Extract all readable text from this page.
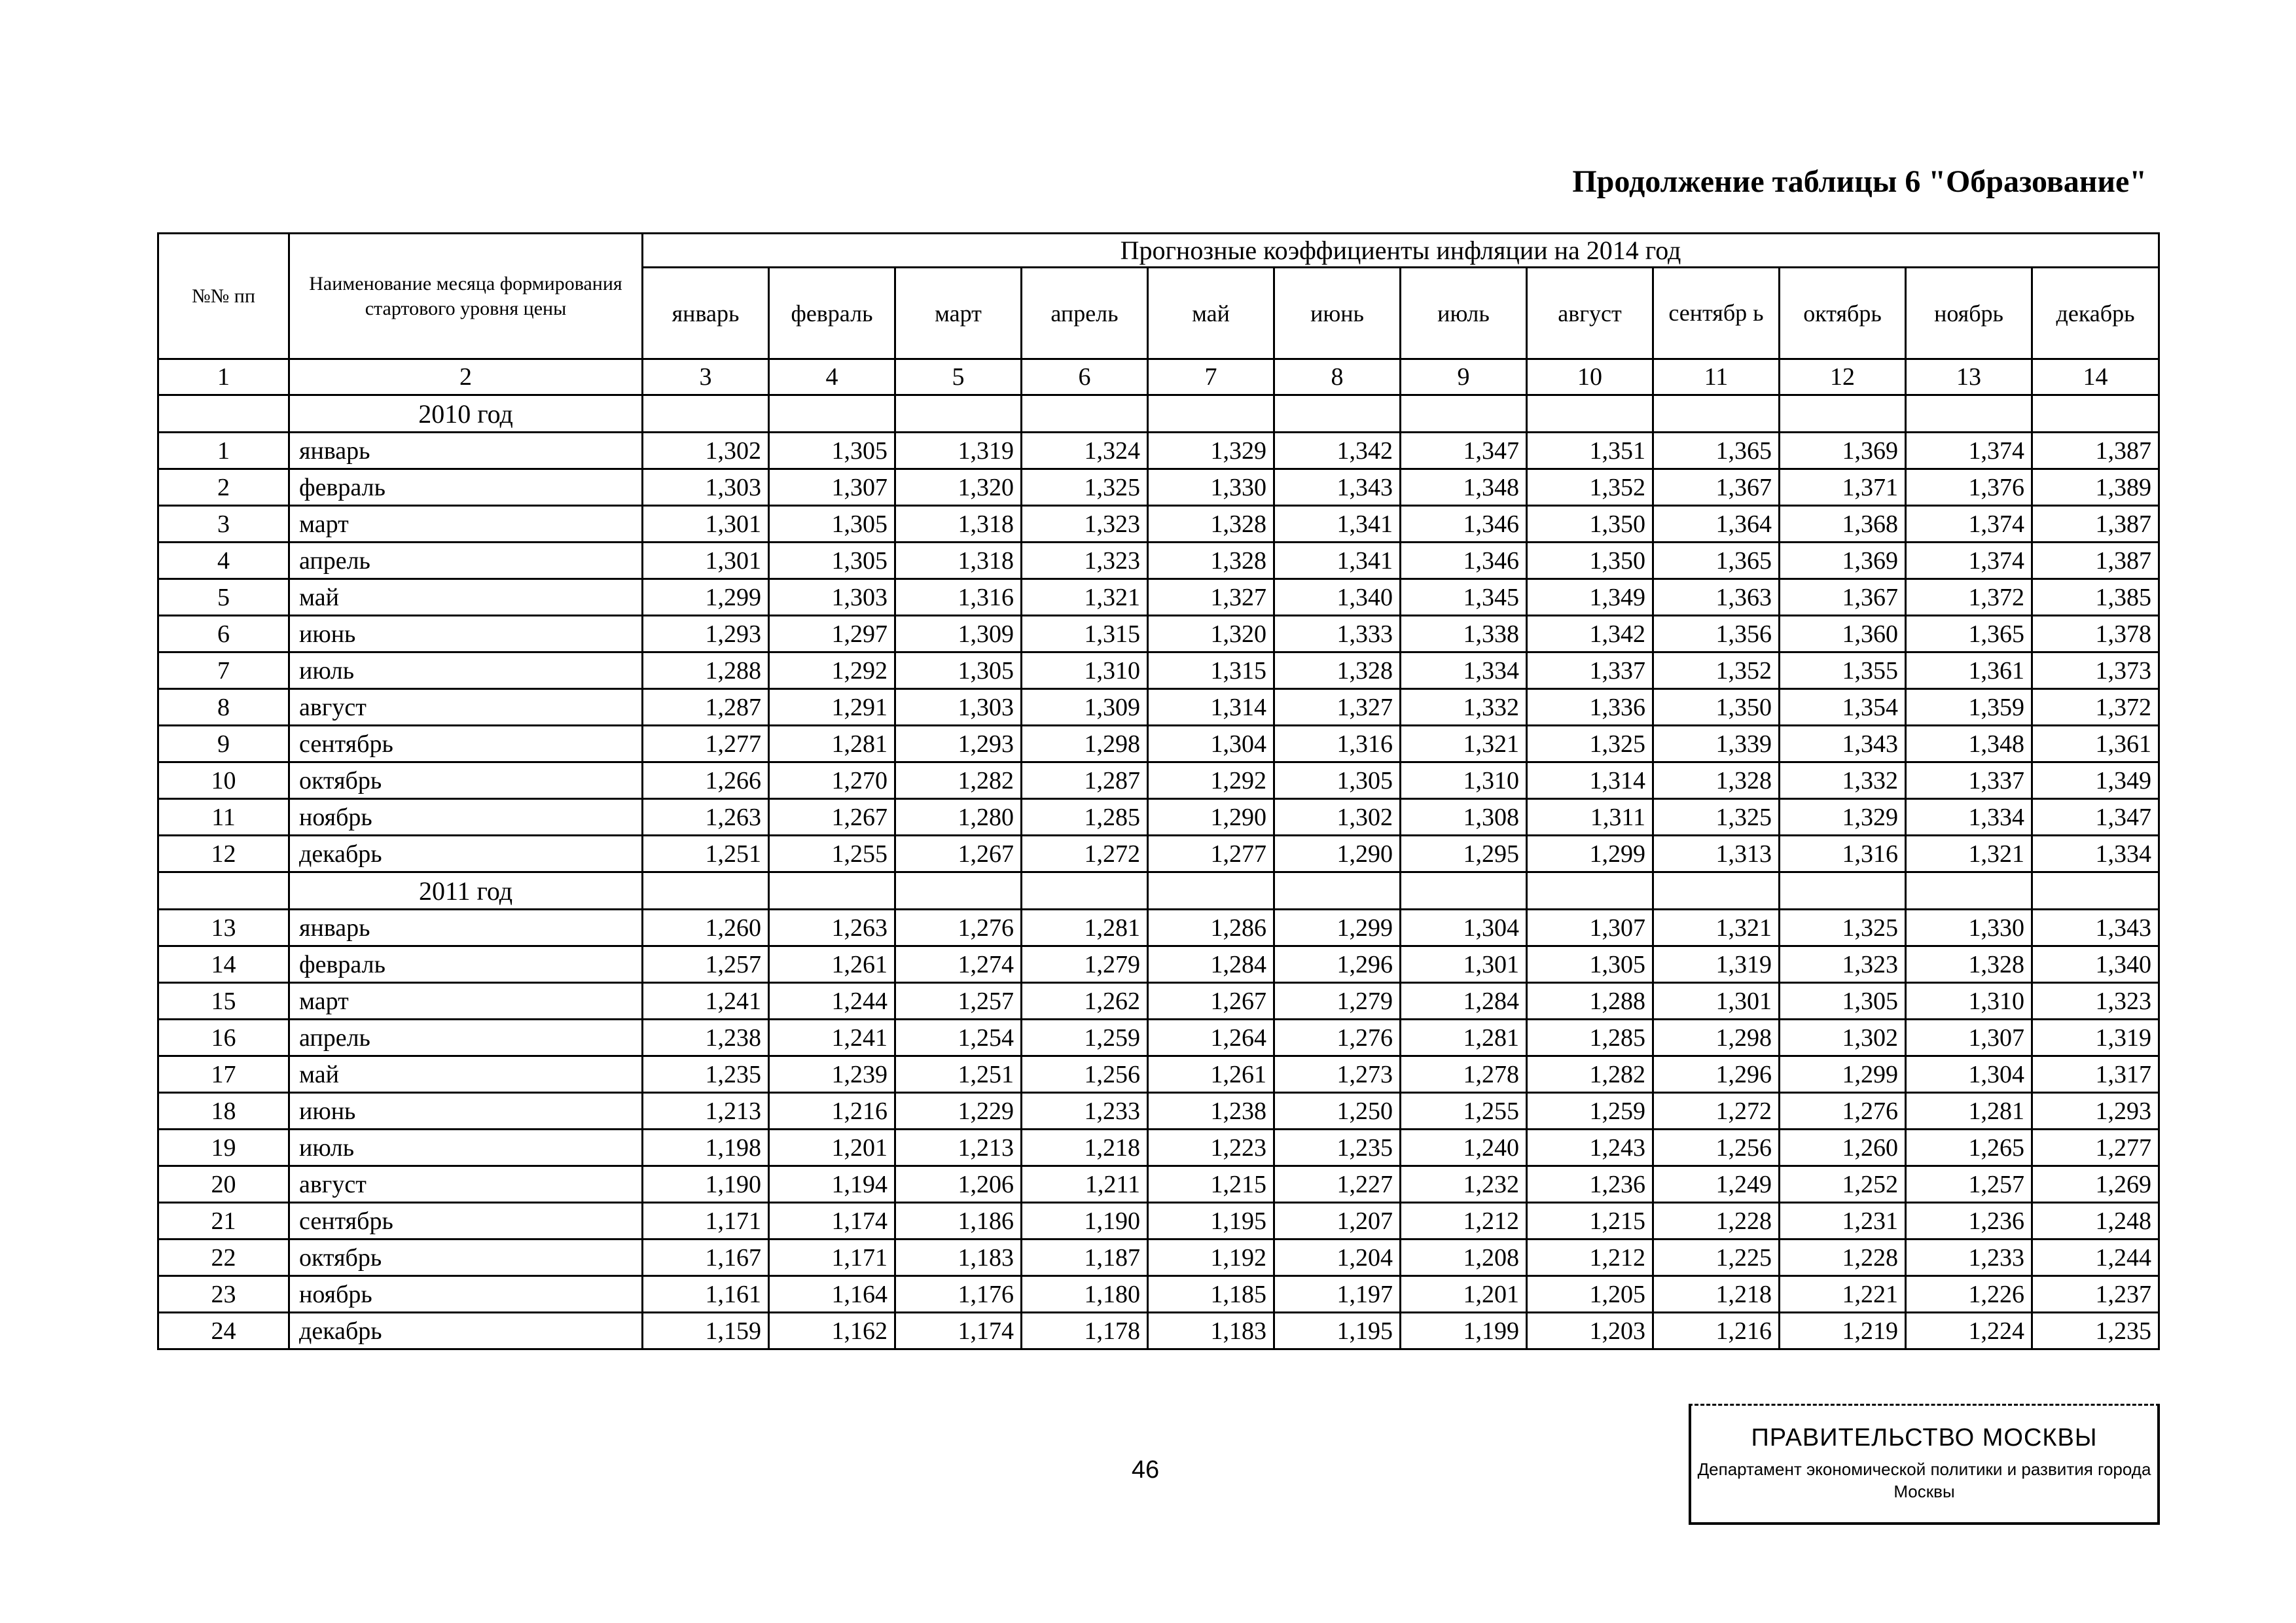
Продолжение таблицы 6 "Образование"
№№ пп	Наименование месяца формирования стартового уровня цены	Прогнозные коэффициенты инфляции на 2014 год											
		январь	февраль	март	апрель	май	июнь	июль	август	сентябр ь	октябрь	ноябрь	декабрь
1	2	3	4	5	6	7	8	9	10	11	12	13	14
	2010 год												
1	январь	1,302	1,305	1,319	1,324	1,329	1,342	1,347	1,351	1,365	1,369	1,374	1,387
2	февраль	1,303	1,307	1,320	1,325	1,330	1,343	1,348	1,352	1,367	1,371	1,376	1,389
3	март	1,301	1,305	1,318	1,323	1,328	1,341	1,346	1,350	1,364	1,368	1,374	1,387
4	апрель	1,301	1,305	1,318	1,323	1,328	1,341	1,346	1,350	1,365	1,369	1,374	1,387
5	май	1,299	1,303	1,316	1,321	1,327	1,340	1,345	1,349	1,363	1,367	1,372	1,385
6	июнь	1,293	1,297	1,309	1,315	1,320	1,333	1,338	1,342	1,356	1,360	1,365	1,378
7	июль	1,288	1,292	1,305	1,310	1,315	1,328	1,334	1,337	1,352	1,355	1,361	1,373
8	август	1,287	1,291	1,303	1,309	1,314	1,327	1,332	1,336	1,350	1,354	1,359	1,372
9	сентябрь	1,277	1,281	1,293	1,298	1,304	1,316	1,321	1,325	1,339	1,343	1,348	1,361
10	октябрь	1,266	1,270	1,282	1,287	1,292	1,305	1,310	1,314	1,328	1,332	1,337	1,349
11	ноябрь	1,263	1,267	1,280	1,285	1,290	1,302	1,308	1,311	1,325	1,329	1,334	1,347
12	декабрь	1,251	1,255	1,267	1,272	1,277	1,290	1,295	1,299	1,313	1,316	1,321	1,334
	2011 год												
13	январь	1,260	1,263	1,276	1,281	1,286	1,299	1,304	1,307	1,321	1,325	1,330	1,343
14	февраль	1,257	1,261	1,274	1,279	1,284	1,296	1,301	1,305	1,319	1,323	1,328	1,340
15	март	1,241	1,244	1,257	1,262	1,267	1,279	1,284	1,288	1,301	1,305	1,310	1,323
16	апрель	1,238	1,241	1,254	1,259	1,264	1,276	1,281	1,285	1,298	1,302	1,307	1,319
17	май	1,235	1,239	1,251	1,256	1,261	1,273	1,278	1,282	1,296	1,299	1,304	1,317
18	июнь	1,213	1,216	1,229	1,233	1,238	1,250	1,255	1,259	1,272	1,276	1,281	1,293
19	июль	1,198	1,201	1,213	1,218	1,223	1,235	1,240	1,243	1,256	1,260	1,265	1,277
20	август	1,190	1,194	1,206	1,211	1,215	1,227	1,232	1,236	1,249	1,252	1,257	1,269
21	сентябрь	1,171	1,174	1,186	1,190	1,195	1,207	1,212	1,215	1,228	1,231	1,236	1,248
22	октябрь	1,167	1,171	1,183	1,187	1,192	1,204	1,208	1,212	1,225	1,228	1,233	1,244
23	ноябрь	1,161	1,164	1,176	1,180	1,185	1,197	1,201	1,205	1,218	1,221	1,226	1,237
24	декабрь	1,159	1,162	1,174	1,178	1,183	1,195	1,199	1,203	1,216	1,219	1,224	1,235
46
ПРАВИТЕЛЬСТВО МОСКВЫ
Департамент экономической политики и развития города Москвы
